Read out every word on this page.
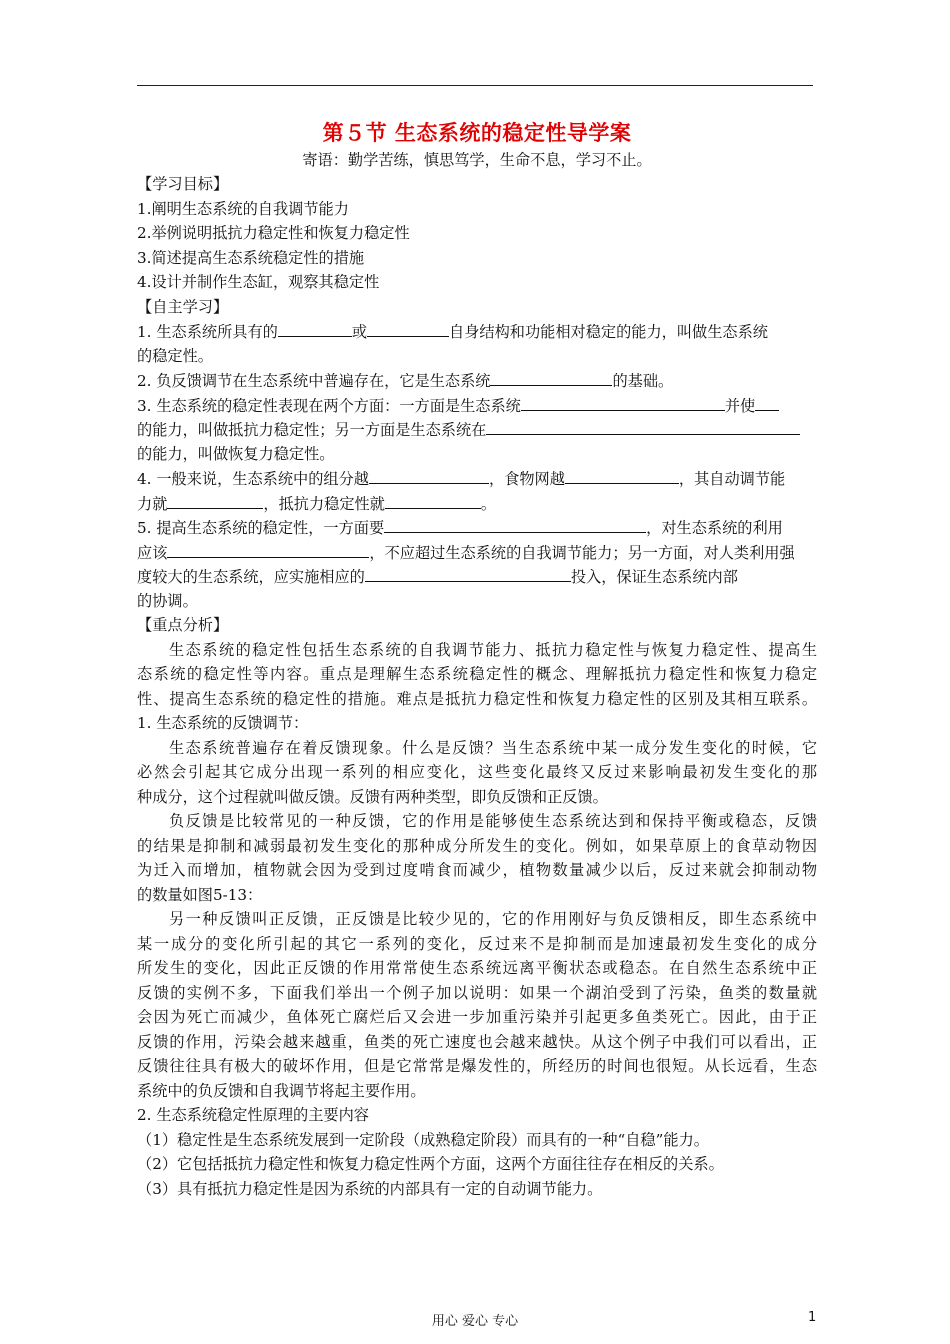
第５节 生态系统的稳定性导学案
寄语：勤学苦练，慎思笃学，生命不息，学习不止。
【学习目标】
1.阐明生态系统的自我调节能力
2.举例说明抵抗力稳定性和恢复力稳定性
3.简述提高生态系统稳定性的措施
4.设计并制作生态缸，观察其稳定性
【自主学习】
1. 生态系统所具有的	或	自身结构和功能相对稳定的能力，叫做生态系统
的稳定性。
2. 负反馈调节在生态系统中普遍存在，它是生态系统	的基础。
3. 生态系统的稳定性表现在两个方面：一方面是生态系统	并使
的能力，叫做抵抗力稳定性；另一方面是生态系统在
的能力，叫做恢复力稳定性。
4. 一般来说，生态系统中的组分越	，食物网越	，其自动调节能
力就	，抵抗力稳定性就	。
5. 提高生态系统的稳定性，一方面要	，对生态系统的利用
应该	，不应超过生态系统的自我调节能力；另一方面，对人类利用强
度较大的生态系统，应实施相应的	投入，保证生态系统内部
的协调。
【重点分析】
生态系统的稳定性包括生态系统的自我调节能力、抵抗力稳定性与恢复力稳定性、提高生
态系统的稳定性等内容。重点是理解生态系统稳定性的概念、理解抵抗力稳定性和恢复力稳定
性、提高生态系统的稳定性的措施。难点是抵抗力稳定性和恢复力稳定性的区别及其相互联系。
1. 生态系统的反馈调节：
生态系统普遍存在着反馈现象。什么是反馈？当生态系统中某一成分发生变化的时候，它
必然会引起其它成分出现一系列的相应变化，这些变化最终又反过来影响最初发生变化的那
种成分，这个过程就叫做反馈。反馈有两种类型，即负反馈和正反馈。
负反馈是比较常见的一种反馈，它的作用是能够使生态系统达到和保持平衡或稳态，反馈
的结果是抑制和减弱最初发生变化的那种成分所发生的变化。例如，如果草原上的食草动物因
为迁入而增加，植物就会因为受到过度啃食而减少，植物数量减少以后，反过来就会抑制动物
的数量如图5-13：
另一种反馈叫正反馈，正反馈是比较少见的，它的作用刚好与负反馈相反，即生态系统中
某一成分的变化所引起的其它一系列的变化，反过来不是抑制而是加速最初发生变化的成分
所发生的变化，因此正反馈的作用常常使生态系统远离平衡状态或稳态。在自然生态系统中正
反馈的实例不多，下面我们举出一个例子加以说明：如果一个湖泊受到了污染，鱼类的数量就
会因为死亡而减少，鱼体死亡腐烂后又会进一步加重污染并引起更多鱼类死亡。因此，由于正
反馈的作用，污染会越来越重，鱼类的死亡速度也会越来越快。从这个例子中我们可以看出，正
反馈往往具有极大的破坏作用，但是它常常是爆发性的，所经历的时间也很短。从长远看，生态
系统中的负反馈和自我调节将起主要作用。
2. 生态系统稳定性原理的主要内容
（1）稳定性是生态系统发展到一定阶段（成熟稳定阶段）而具有的一种“自稳”能力。
（2）它包括抵抗力稳定性和恢复力稳定性两个方面，这两个方面往往存在相反的关系。
（3）具有抵抗力稳定性是因为系统的内部具有一定的自动调节能力。
用心 爱心 专心	1
